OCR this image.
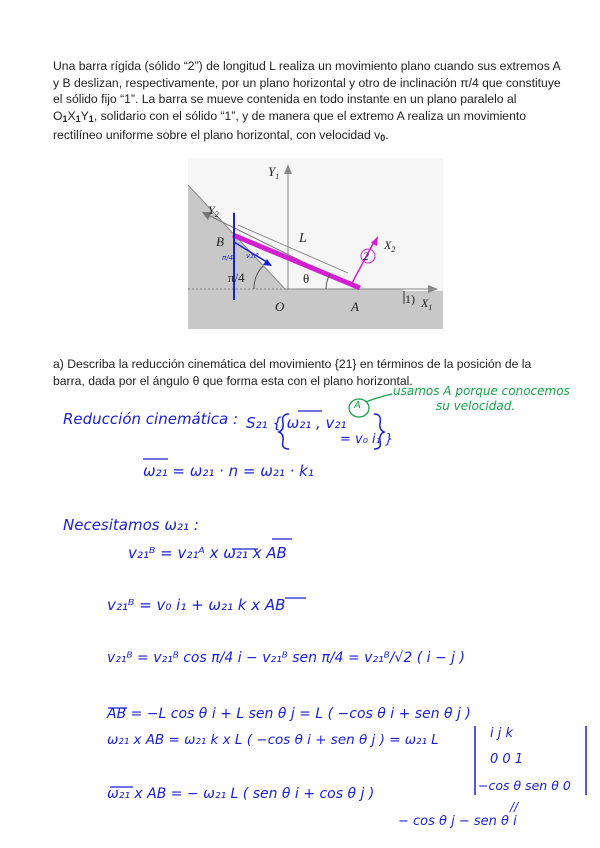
Una barra rígida (sólido “2”) de longitud L realiza un movimiento plano cuando sus extremos A y B deslizan, respectivamente, por un plano horizontal y otro de inclinación π/4 que constituye el sólido fijo “1”. La barra se mueve contenida en todo instante en un plano paralelo al $O_1X_1Y_1$, solidario con el sólido “1”, y de manera que el extremo A realiza un movimiento rectilíneo uniforme sobre el plano horizontal, con velocidad $v_0$.
$Y_1$
$Y_2$
L
B
π/4	θ
2
$X_2$
O	A	1) $X_1$
π/4 v₂₁ᴮ
a) Describa la reducción cinemática del movimiento {21} en términos de la posición de la barra, dada por el ángulo θ que forma esta con el plano horizontal.
usamos A porque conocemos
su velocidad.
A
Reducción cinemática : S₂₁ { ω₂₁ , v₂₁
= v₀ i₁ }
ω₂₁ = ω₂₁ · n = ω₂₁ · k₁
Necesitamos ω₂₁ :
v₂₁ᴮ = v₂₁ᴬ x ω₂₁ x AB
v₂₁ᴮ = v₀ i₁ + ω₂₁ k x AB
v₂₁ᴮ = v₂₁ᴮ cos π/4 i − v₂₁ᴮ sen π/4 = v₂₁ᴮ/√2 ( i − j )
AB = −L cos θ i + L sen θ j = L ( −cos θ i + sen θ j )
ω₂₁ x AB = ω₂₁ k x L ( −cos θ i + sen θ j ) = ω₂₁ L	i j k
0 0 1
−cos θ sen θ 0
ω₂₁ x AB = − ω₂₁ L ( sen θ i + cos θ j )
//
− cos θ j − sen θ i
